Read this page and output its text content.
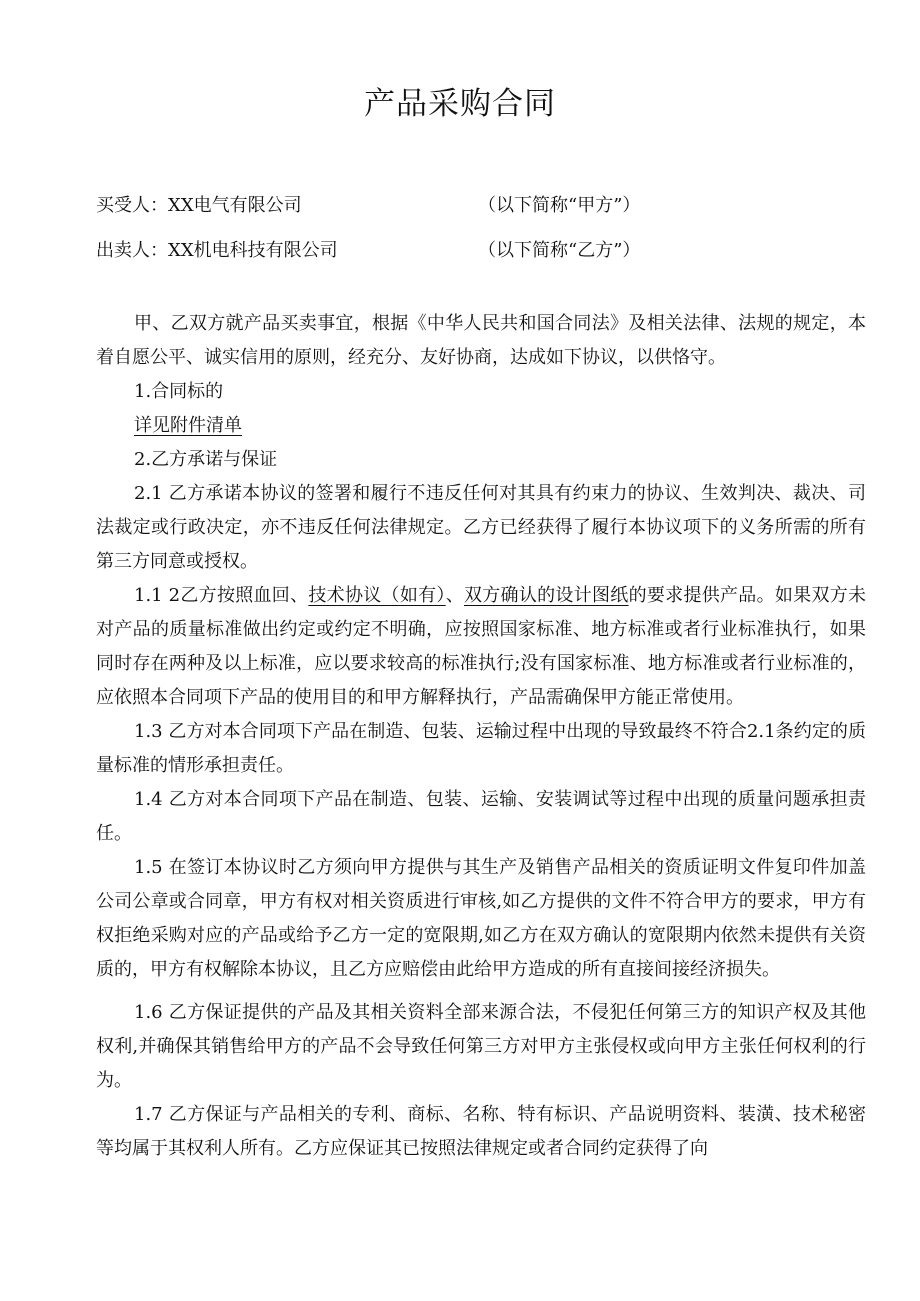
产品采购合同
买受人：XX电气有限公司	（以下简称“甲方”）
出卖人：XX机电科技有限公司	（以下简称“乙方”）

甲、乙双方就产品买卖事宜，根据《中华人民共和国合同法》及相关法律、法规的规定，本着自愿公平、诚实信用的原则，经充分、友好协商，达成如下协议，以供恪守。

1.合同标的

详见附件清单

2.乙方承诺与保证

2.1 乙方承诺本协议的签署和履行不违反任何对其具有约束力的协议、生效判决、裁决、司法裁定或行政决定，亦不违反任何法律规定。乙方已经获得了履行本协议项下的义务所需的所有第三方同意或授权。

1.1 2乙方按照血回、技术协议（如有）、双方确认的设计图纸的要求提供产品。如果双方未对产品的质量标准做出约定或约定不明确，应按照国家标准、地方标准或者行业标准执行，如果同时存在两种及以上标准，应以要求较高的标准执行;没有国家标准、地方标准或者行业标准的，应依照本合同项下产品的使用目的和甲方解释执行，产品需确保甲方能正常使用。

1.3 乙方对本合同项下产品在制造、包装、运输过程中出现的导致最终不符合2.1条约定的质量标准的情形承担责任。

1.4 乙方对本合同项下产品在制造、包装、运输、安装调试等过程中出现的质量问题承担责任。

1.5 在签订本协议时乙方须向甲方提供与其生产及销售产品相关的资质证明文件复印件加盖公司公章或合同章，甲方有权对相关资质进行审核,如乙方提供的文件不符合甲方的要求，甲方有权拒绝采购对应的产品或给予乙方一定的宽限期,如乙方在双方确认的宽限期内依然未提供有关资质的，甲方有权解除本协议，且乙方应赔偿由此给甲方造成的所有直接间接经济损失。

1.6 乙方保证提供的产品及其相关资料全部来源合法，不侵犯任何第三方的知识产权及其他权利,并确保其销售给甲方的产品不会导致任何第三方对甲方主张侵权或向甲方主张任何权利的行为。

1.7 乙方保证与产品相关的专利、商标、名称、特有标识、产品说明资料、装潢、技术秘密等均属于其权利人所有。乙方应保证其已按照法律规定或者合同约定获得了向
